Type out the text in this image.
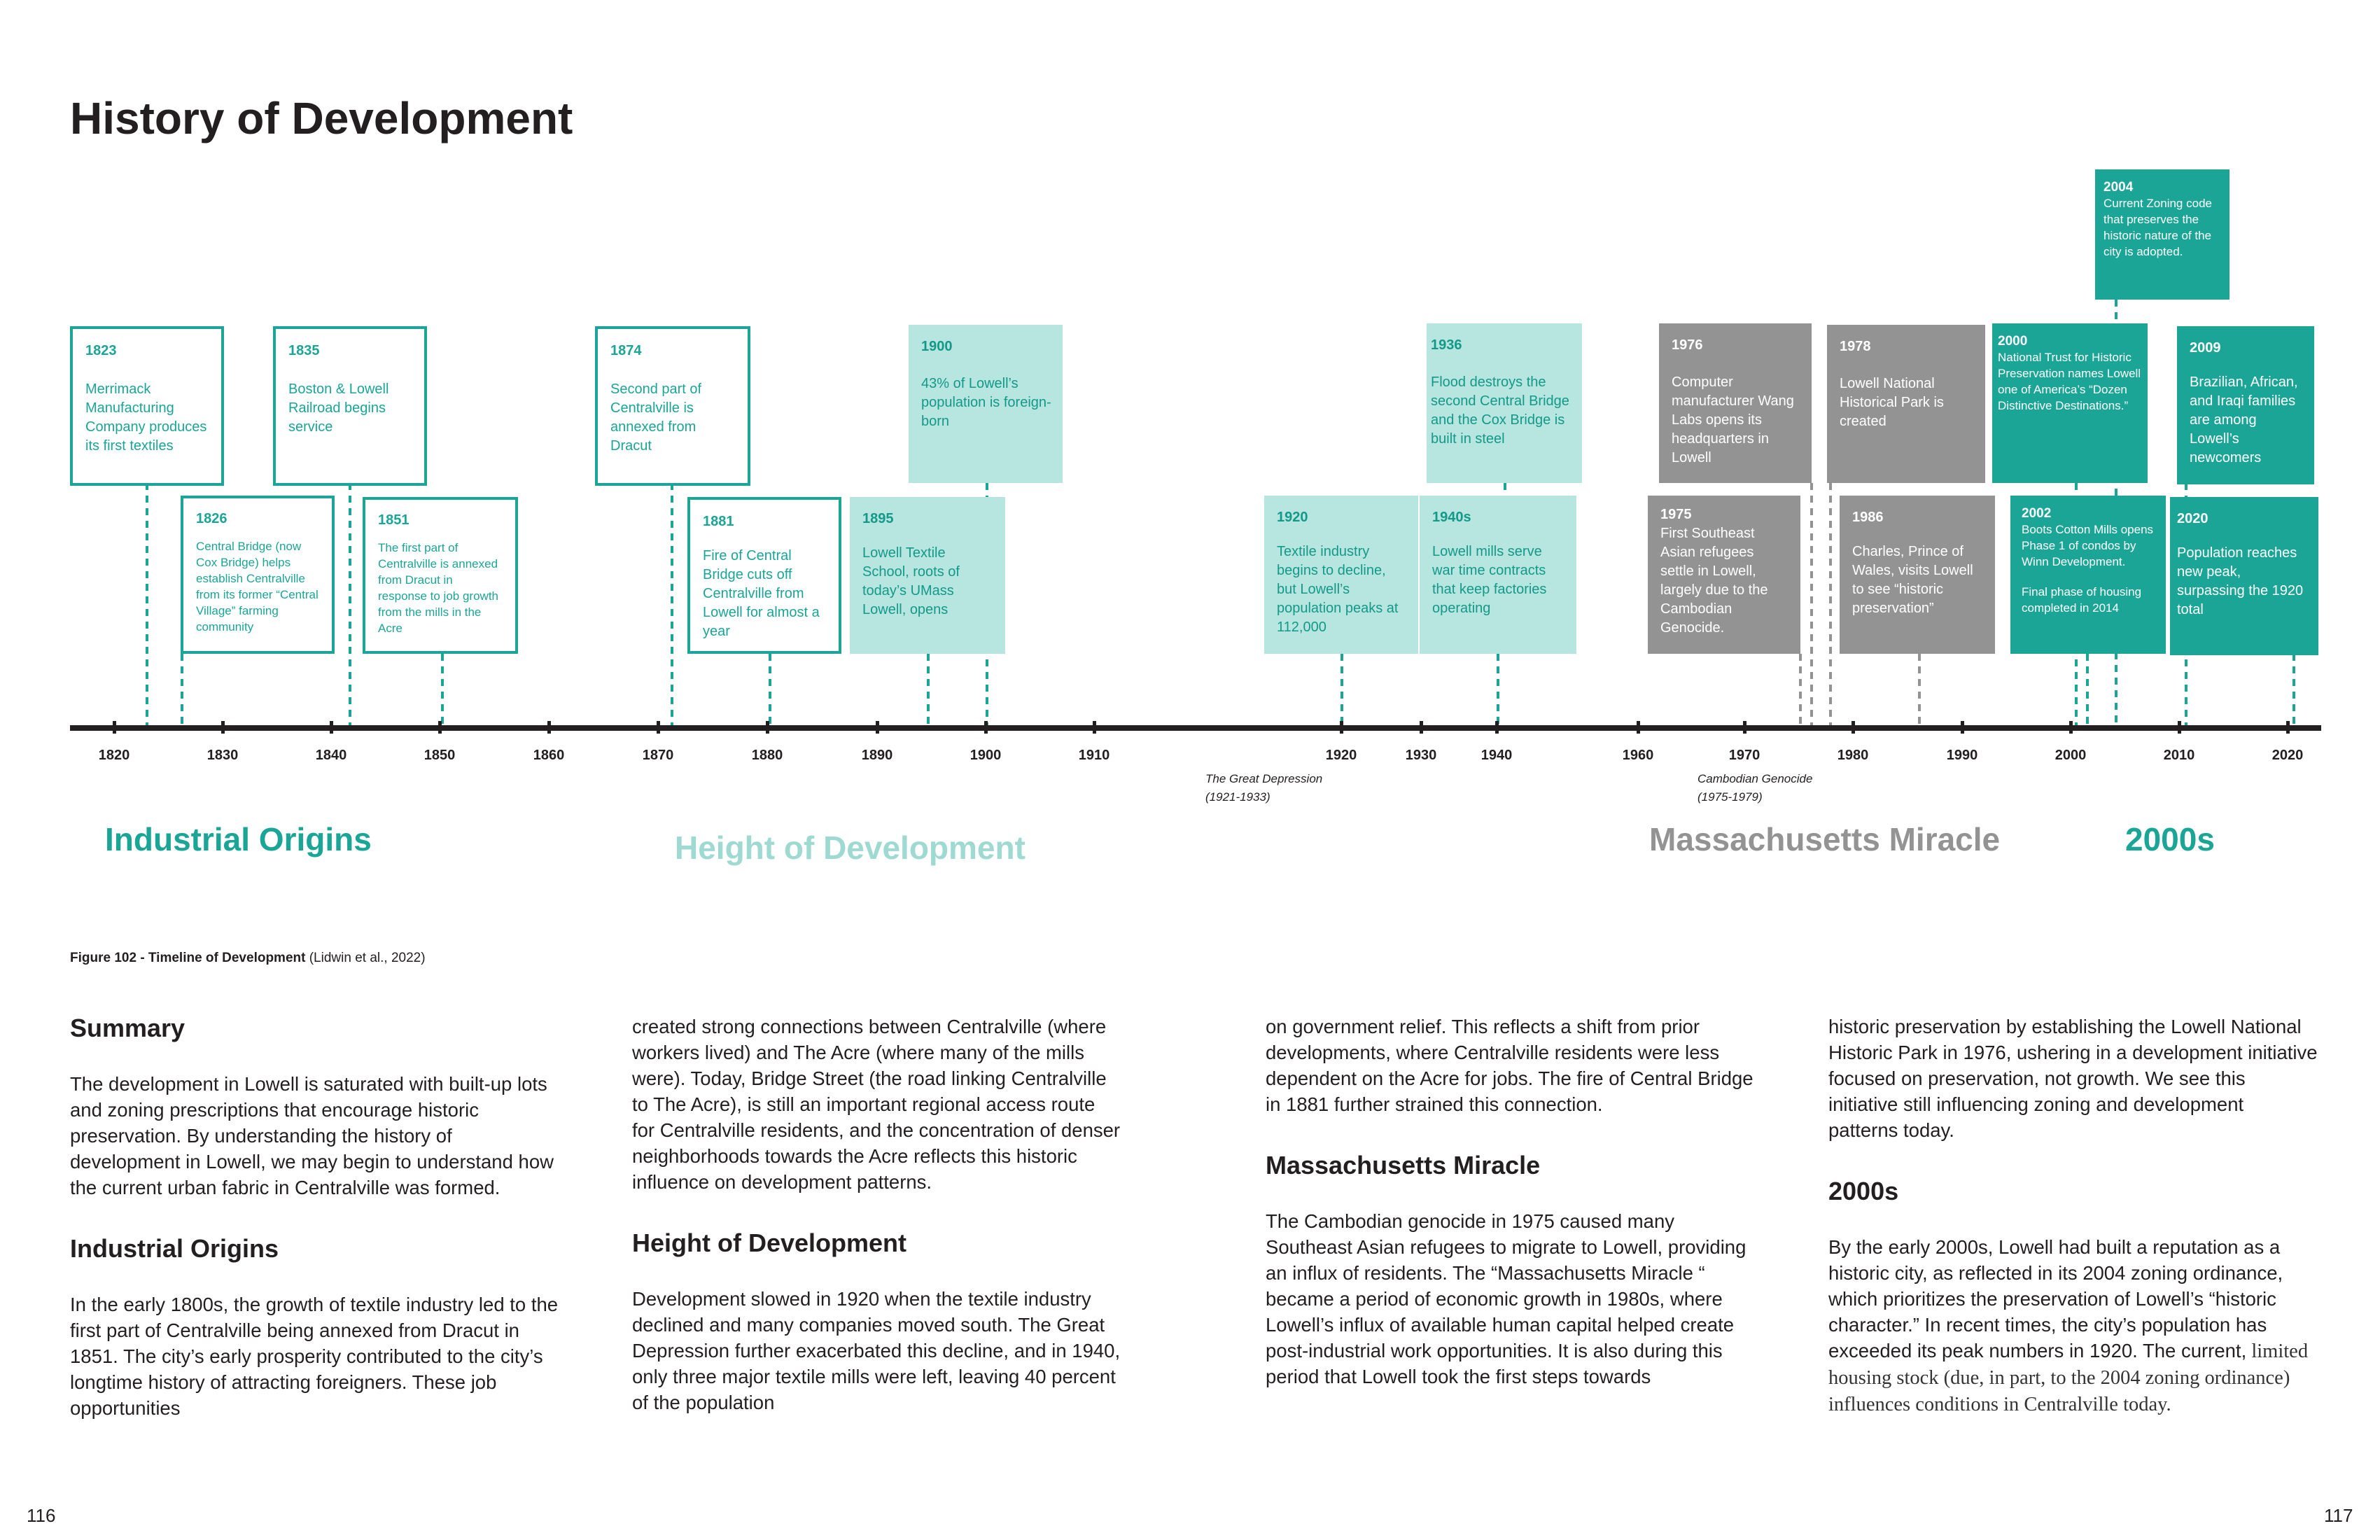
History of Development
1823
Merrimack Manufacturing Company produces its first textiles
1835
Boston & Lowell Railroad begins service
1874
Second part of Centralville is annexed from Dracut
1900
43% of Lowell’s population is foreign-born
1936
Flood destroys the second Central Bridge and the Cox Bridge is built in steel
1976
Computer manufacturer Wang Labs opens its headquarters in Lowell
1978
Lowell National Historical Park is created
2000
National Trust for Historic Preservation names Lowell one of America’s “Dozen Distinctive Destinations.”
2009
Brazilian, African, and Iraqi families are among Lowell’s newcomers
2004
Current Zoning code that preserves the historic nature of the city is adopted.
1826
Central Bridge (now Cox Bridge) helps establish Centralville from its former “Central Village” farming community
1851
The first part of Centralville is annexed from Dracut in response to job growth from the mills in the Acre
1881
Fire of Central Bridge cuts off Centralville from Lowell for almost a year
1895
Lowell Textile School, roots of today’s UMass Lowell, opens
1920
Textile industry begins to decline, but Lowell’s population peaks at 112,000
1940s
Lowell mills serve war time contracts that keep factories operating
1975
First Southeast Asian refugees settle in Lowell, largely due to the Cambodian Genocide.
1986
Charles, Prince of Wales, visits Lowell to see “historic preservation”
2002
Boots Cotton Mills opens Phase 1 of condos by Winn Development.
Final phase of housing completed in 2014
2020
Population reaches new peak, surpassing the 1920 total
1820	1830	1840	1850	1860	1870	1880	1890	1900	1910	1920	1930	1940	1960	1970	1980	1990	2000	2010	2020
The Great Depression
(1921-1933)
Cambodian Genocide
(1975-1979)
Industrial Origins	Height of Development	Massachusetts Miracle	2000s
Figure 102 - Timeline of Development (Lidwin et al., 2022)
Summary

The development in Lowell is saturated with built-up lots and zoning prescriptions that encourage historic preservation. By understanding the history of development in Lowell, we may begin to understand how the current urban fabric in Centralville was formed.

Industrial Origins

In the early 1800s, the growth of textile industry led to the first part of Centralville being annexed from Dracut in 1851. The city’s early prosperity contributed to the city’s longtime history of attracting foreigners. These job opportunities

created strong connections between Centralville (where workers lived) and The Acre (where many of the mills were). Today, Bridge Street (the road linking Centralville to The Acre), is still an important regional access route for Centralville residents, and the concentration of denser neighborhoods towards the Acre reflects this historic influence on development patterns.

Height of Development

Development slowed in 1920 when the textile industry declined and many companies moved south. The Great Depression further exacerbated this decline, and in 1940, only three major textile mills were left, leaving 40 percent of the population

on government relief. This reflects a shift from prior developments, where Centralville residents were less dependent on the Acre for jobs. The fire of Central Bridge in 1881 further strained this connection.

Massachusetts Miracle

The Cambodian genocide in 1975 caused many Southeast Asian refugees to migrate to Lowell, providing an influx of residents. The “Massachusetts Miracle “ became a period of economic growth in 1980s, where Lowell’s influx of available human capital helped create post-industrial work opportunities. It is also during this period that Lowell took the first steps towards

historic preservation by establishing the Lowell National Historic Park in 1976, ushering in a development initiative focused on preservation, not growth. We see this initiative still influencing zoning and development patterns today.

2000s

By the early 2000s, Lowell had built a reputation as a historic city, as reflected in its 2004 zoning ordinance, which prioritizes the preservation of Lowell’s “historic character.” In recent times, the city’s population has exceeded its peak numbers in 1920. The current, limited housing stock (due, in part, to the 2004 zoning ordinance) influences conditions in Centralville today.

116	117
